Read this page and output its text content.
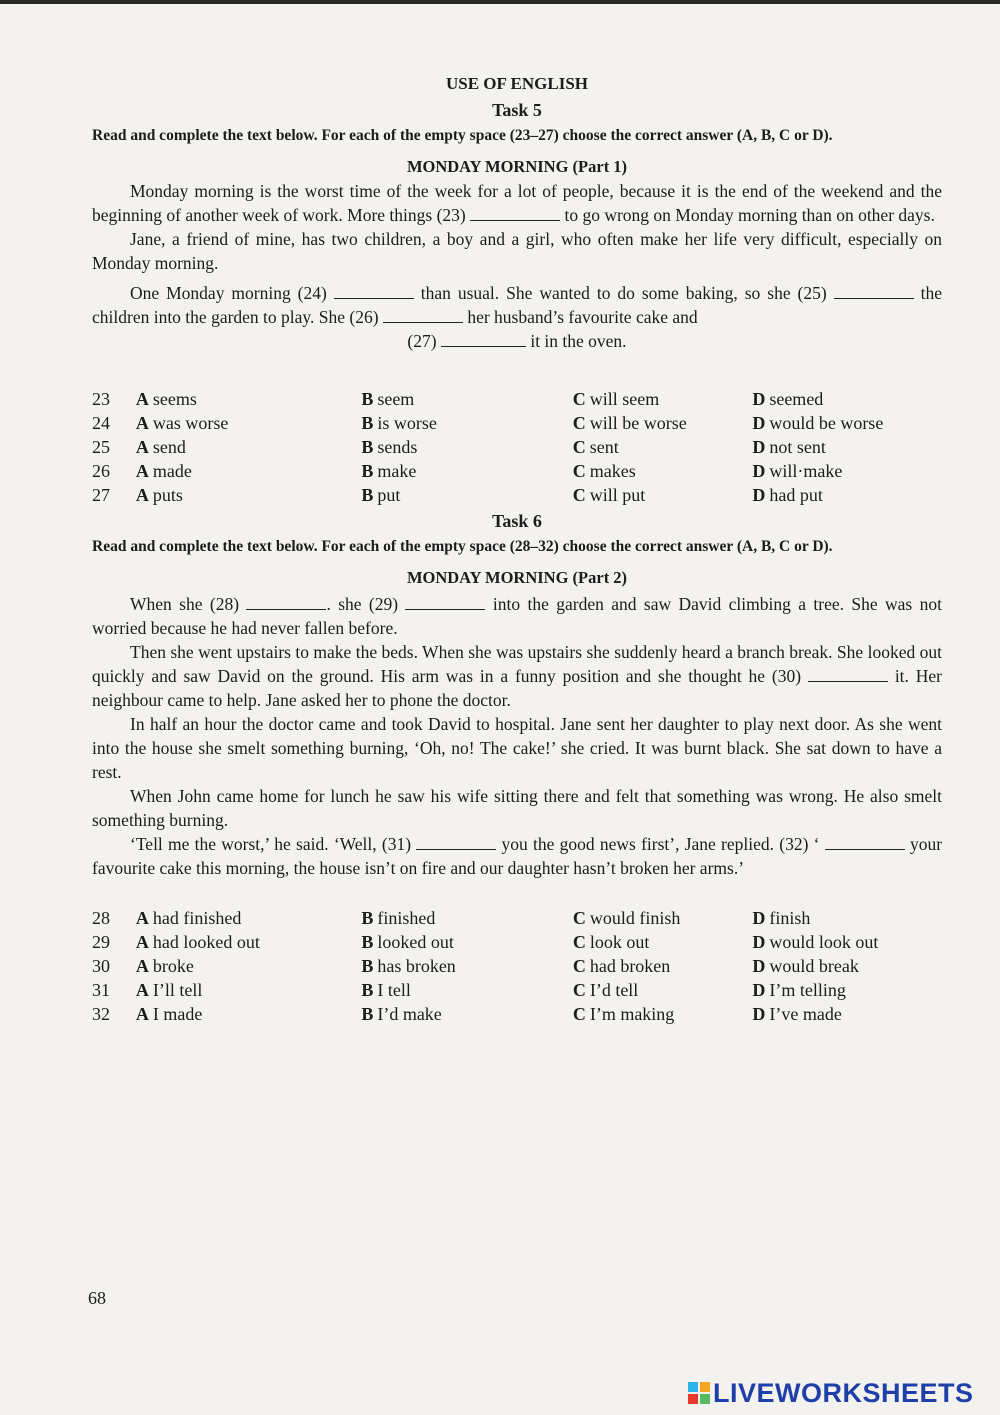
USE OF ENGLISH
Task 5
Read and complete the text below. For each of the empty space (23–27) choose the correct answer (A, B, C or D).
MONDAY MORNING (Part 1)

Monday morning is the worst time of the week for a lot of people, because it is the end of the weekend and the beginning of another week of work. More things (23)	to go wrong on Monday morning than on other days.

Jane, a friend of mine, has two children, a boy and a girl, who often make her life very difficult, especially on Monday morning.

One Monday morning (24)	than usual. She wanted to do some baking, so she (25)	the children into the garden to play. She (26)	her husband’s favourite cake and

(27)	it in the oven.

23	A seems	B seem	C will seem	D seemed
24	A was worse	B is worse	C will be worse	D would be worse
25	A send	B sends	C sent	D not sent
26	A made	B make	C makes	D will·make
27	A puts	B put	C will put	D had put
Task 6
Read and complete the text below. For each of the empty space (28–32) choose the correct answer (A, B, C or D).
MONDAY MORNING (Part 2)

When she (28)	. she (29)	into the garden and saw David climbing a tree. She was not worried because he had never fallen before.

Then she went upstairs to make the beds. When she was upstairs she suddenly heard a branch break. She looked out quickly and saw David on the ground. His arm was in a funny position and she thought he (30)	it. Her neighbour came to help. Jane asked her to phone the doctor.

In half an hour the doctor came and took David to hospital. Jane sent her daughter to play next door. As she went into the house she smelt something burning, ‘Oh, no! The cake!’ she cried. It was burnt black. She sat down to have a rest.

When John came home for lunch he saw his wife sitting there and felt that something was wrong. He also smelt something burning.

‘Tell me the worst,’ he said. ‘Well, (31)	you the good news first’, Jane replied. (32) ‘	your favourite cake this morning, the house isn’t on fire and our daughter hasn’t broken her arms.’

28	A had finished	B finished	C would finish	D finish
29	A had looked out	B looked out	C look out	D would look out
30	A broke	B has broken	C had broken	D would break
31	A I’ll tell	B I tell	C I’d tell	D I’m telling
32	A I made	B I’d make	C I’m making	D I’ve made
68
LIVEWORKSHEETS
